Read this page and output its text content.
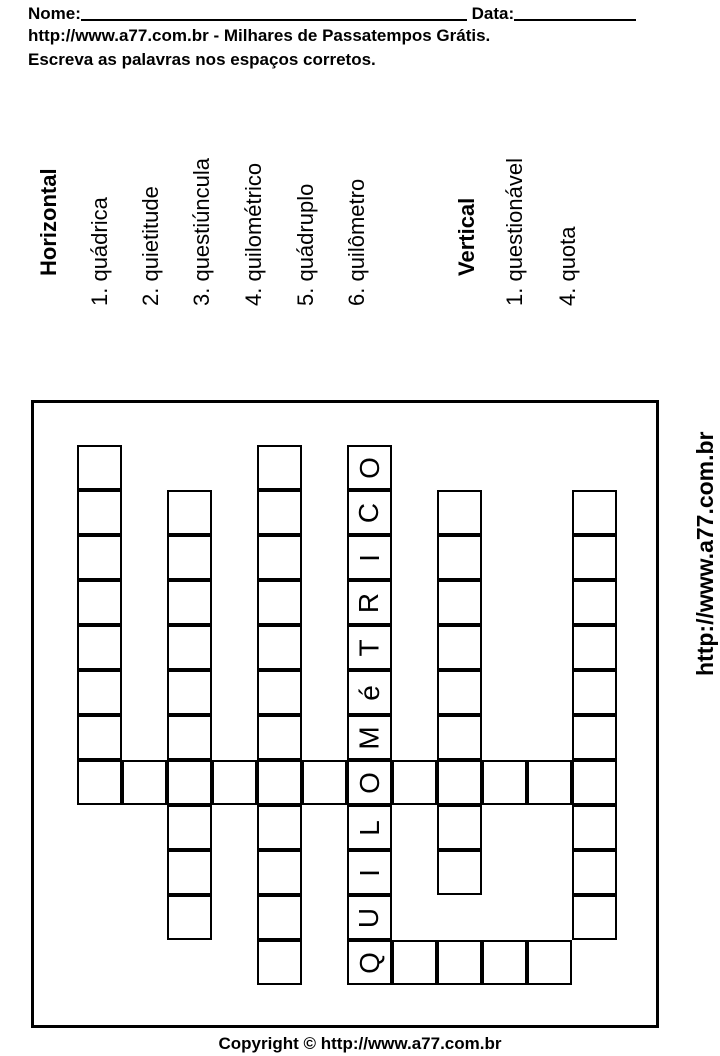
Nome:	Data:
http://www.a77.com.br - Milhares de Passatempos Grátis.
Escreva as palavras nos espaços corretos.
Horizontal 1. quádrica 2. quietitude 3. questiúncula 4. quilométrico 5. quádruplo 6. quilômetro	Vertical 1. questionável 4. quota
http://www.a77.com.br
Q
U
I
L
O
M
é
T
R
I
C
O
Copyright © http://www.a77.com.br
